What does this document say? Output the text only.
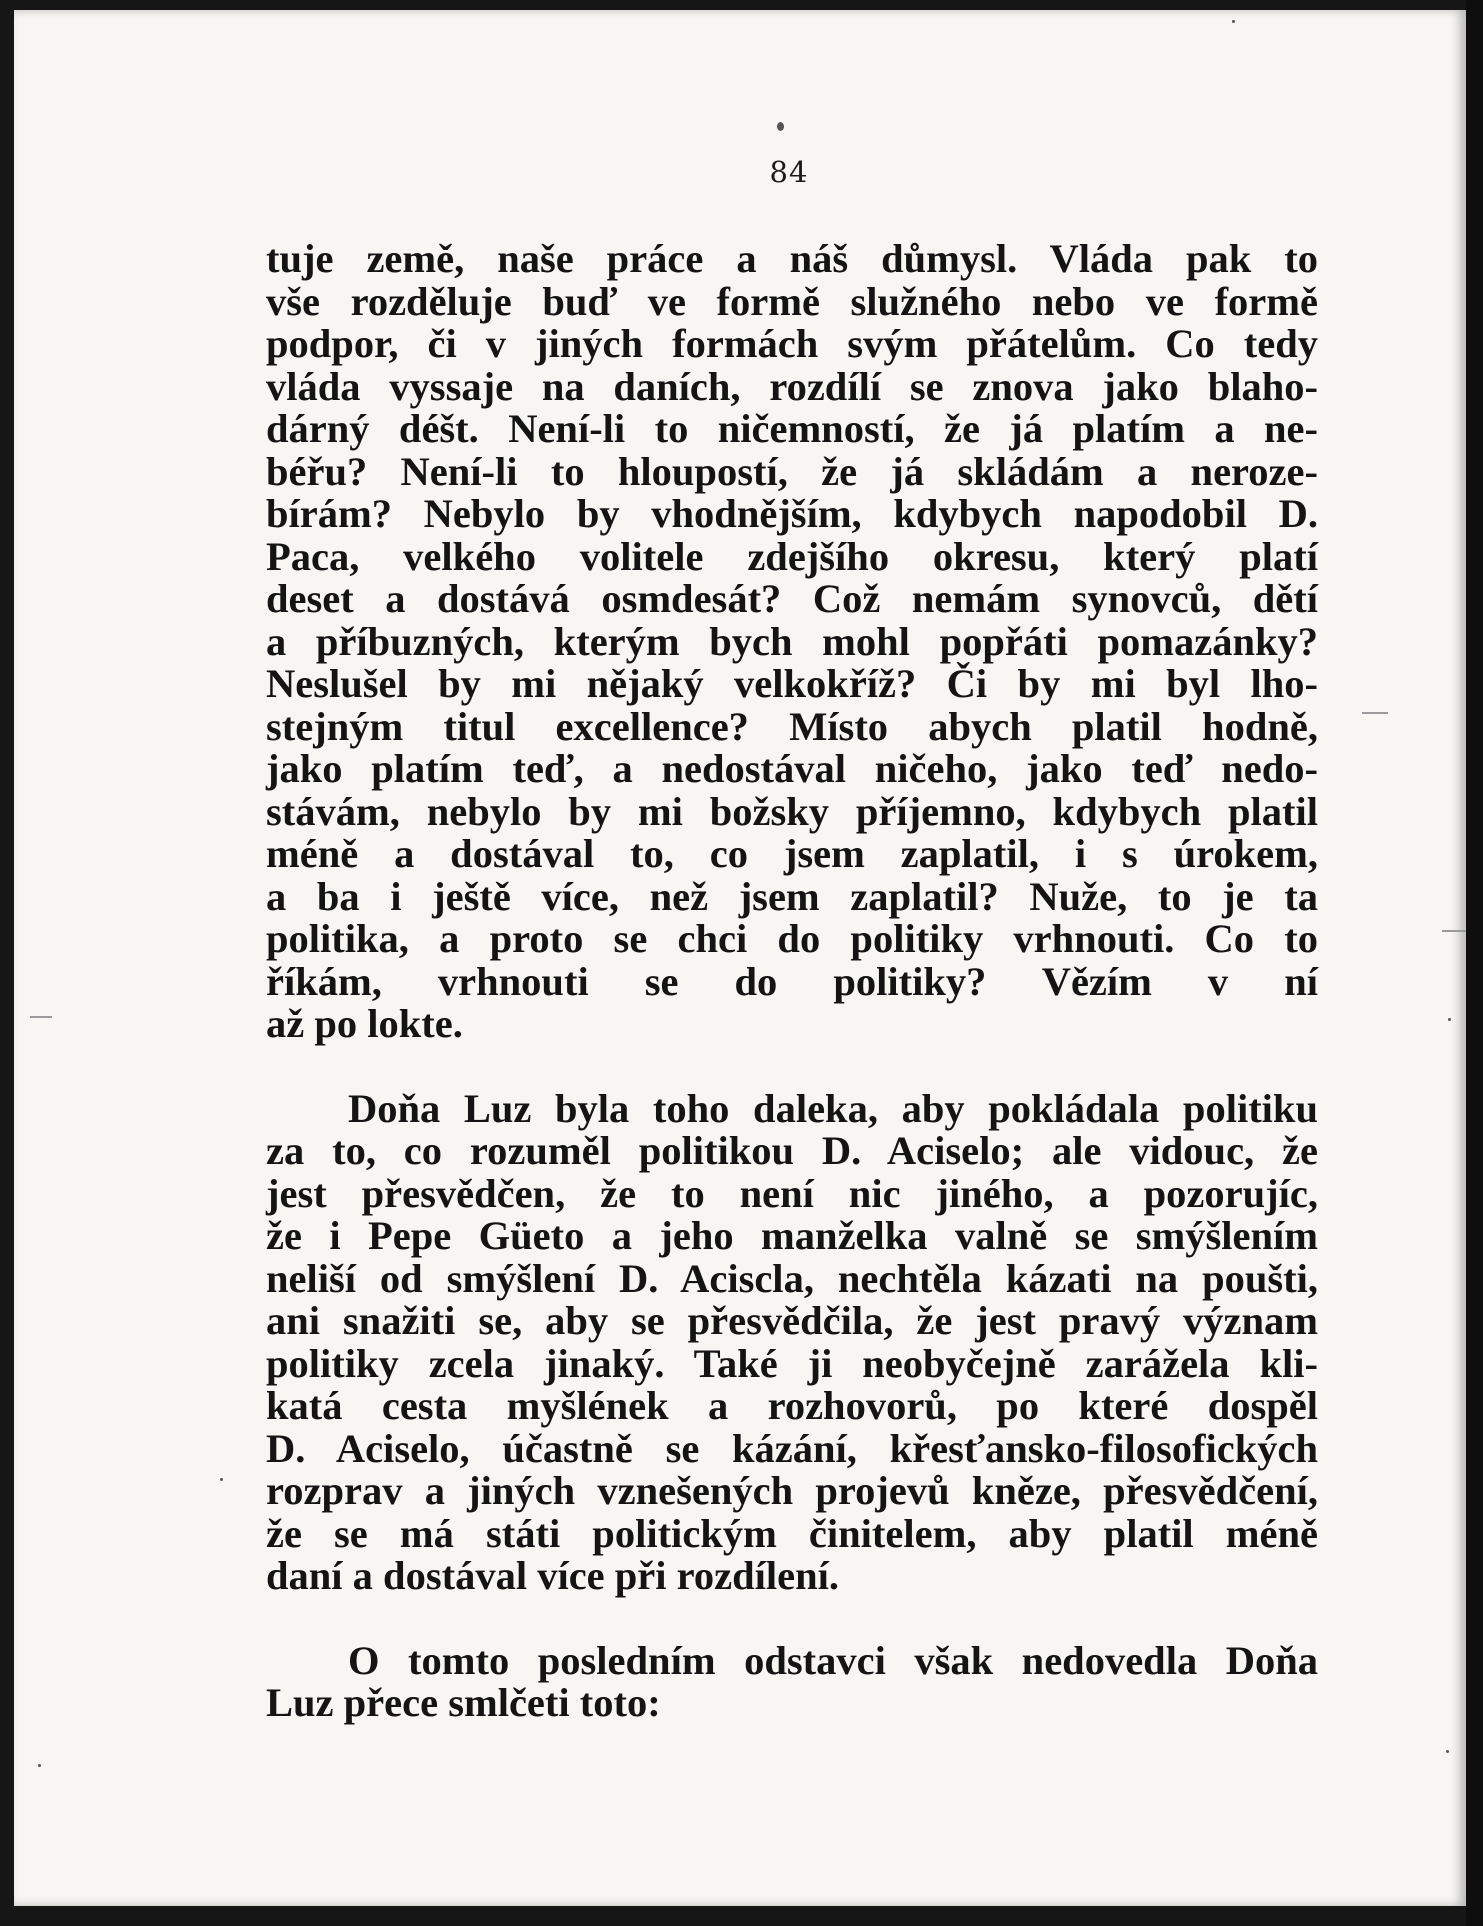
84
tuje země, naše práce a náš důmysl. Vláda pak to
vše rozděluje buď ve formě služného nebo ve formě
podpor, či v jiných formách svým přátelům. Co tedy
vláda vyssaje na daních, rozdílí se znova jako blaho-
dárný déšt. Není-li to ničemností, že já platím a ne-
béřu? Není-li to hloupostí, že já skládám a neroze-
bírám? Nebylo by vhodnějším, kdybych napodobil D.
Paca, velkého volitele zdejšího okresu, který platí
deset a dostává osmdesát? Což nemám synovců, dětí
a příbuzných, kterým bych mohl popřáti pomazánky?
Neslušel by mi nějaký velkokříž? Či by mi byl lho-
stejným titul excellence? Místo abych platil hodně,
jako platím teď, a nedostával ničeho, jako teď nedo-
stávám, nebylo by mi božsky příjemno, kdybych platil
méně a dostával to, co jsem zaplatil, i s úrokem,
a ba i ještě více, než jsem zaplatil? Nuže, to je ta
politika, a proto se chci do politiky vrhnouti. Co to
říkám, vrhnouti se do politiky? Vězím v ní
až po lokte.
Doňa Luz byla toho daleka, aby pokládala politiku
za to, co rozuměl politikou D. Aciselo; ale vidouc, že
jest přesvědčen, že to není nic jiného, a pozorujíc,
že i Pepe Güeto a jeho manželka valně se smýšlením
neliší od smýšlení D. Aciscla, nechtěla kázati na poušti,
ani snažiti se, aby se přesvědčila, že jest pravý význam
politiky zcela jinaký. Také ji neobyčejně zarážela kli-
katá cesta myšlének a rozhovorů, po které dospěl
D. Aciselo, účastně se kázání, křesťansko-filosofických
rozprav a jiných vznešených projevů kněze, přesvědčení,
že se má státi politickým činitelem, aby platil méně
daní a dostával více při rozdílení.
O tomto posledním odstavci však nedovedla Doňa
Luz přece smlčeti toto:
